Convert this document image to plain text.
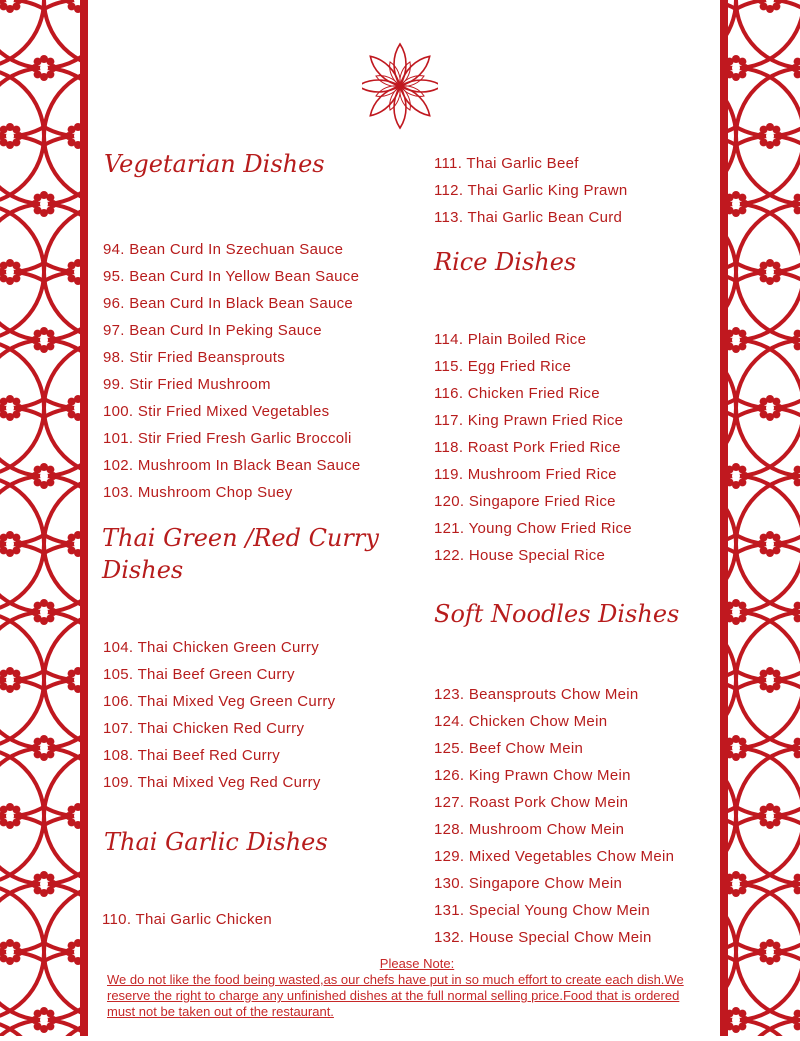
Vegetarian Dishes
94. Bean Curd In Szechuan Sauce
95. Bean Curd In Yellow Bean Sauce
96. Bean Curd In Black Bean Sauce
97. Bean Curd In Peking Sauce
98. Stir Fried Beansprouts
99. Stir Fried Mushroom
100. Stir Fried Mixed Vegetables
101. Stir Fried Fresh Garlic Broccoli
102. Mushroom In Black Bean Sauce
103. Mushroom Chop Suey
Thai Green /Red Curry
Dishes
104. Thai Chicken Green Curry
105. Thai Beef Green Curry
106. Thai Mixed Veg Green Curry
107. Thai Chicken Red Curry
108. Thai Beef Red Curry
109. Thai Mixed Veg Red Curry
Thai Garlic Dishes
110. Thai Garlic Chicken
111. Thai Garlic Beef
112. Thai Garlic King Prawn
113. Thai Garlic Bean Curd
Rice Dishes
114. Plain Boiled Rice
115. Egg Fried Rice
116. Chicken Fried Rice
117. King Prawn Fried Rice
118. Roast Pork Fried Rice
119. Mushroom Fried Rice
120. Singapore Fried Rice
121. Young Chow Fried Rice
122. House Special Rice
Soft Noodles Dishes
123. Beansprouts Chow Mein
124. Chicken Chow Mein
125. Beef Chow Mein
126. King Prawn Chow Mein
127. Roast Pork Chow Mein
128. Mushroom Chow Mein
129. Mixed Vegetables Chow Mein
130. Singapore Chow Mein
131. Special Young Chow Mein
132. House Special Chow Mein
Please Note:
We do not like the food being wasted,as our chefs have put in so much effort to create each dish.We reserve the right to charge any unfinished dishes at the full normal selling price.Food that is ordered must not be taken out of the restaurant.
